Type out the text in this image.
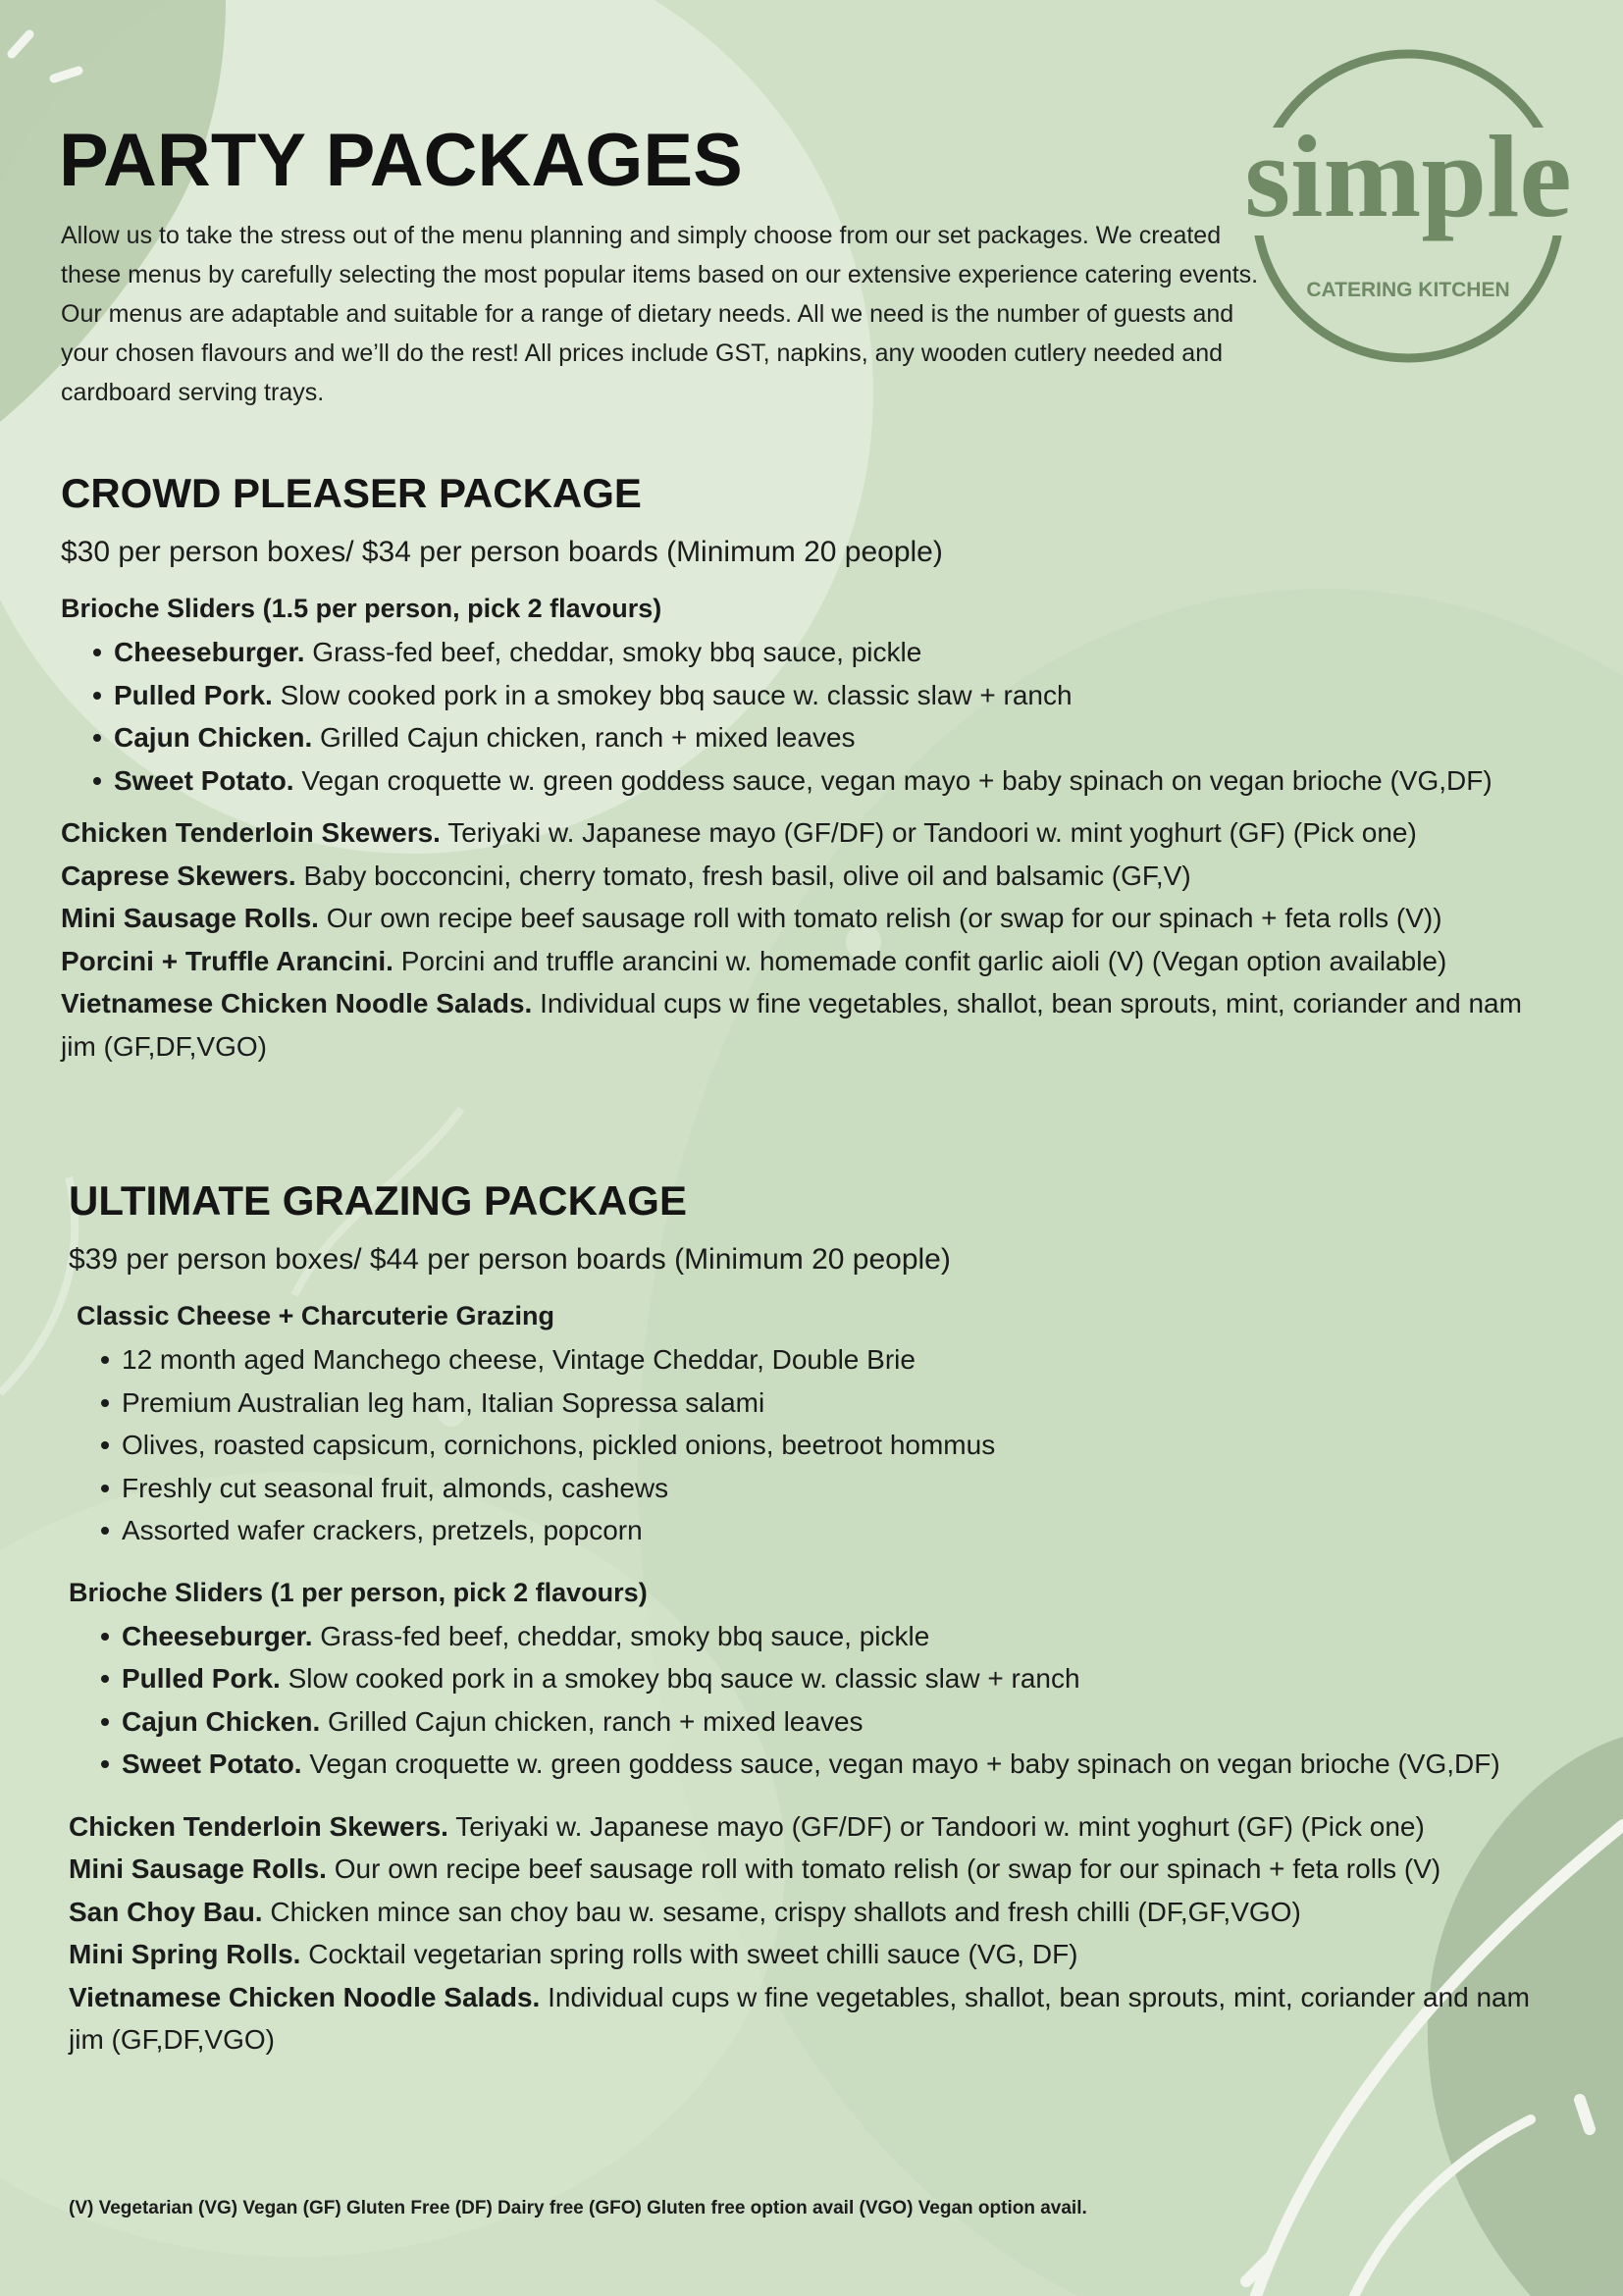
simple
CATERING KITCHEN
PARTY PACKAGES

Allow us to take the stress out of the menu planning and simply choose from our set packages. We created these menus by carefully selecting the most popular items based on our extensive experience catering events. Our menus are adaptable and suitable for a range of dietary needs. All we need is the number of guests and your chosen flavours and we’ll do the rest! All prices include GST, napkins, any wooden cutlery needed and cardboard serving trays.

CROWD PLEASER PACKAGE

$30 per person boxes/ $34 per person boards (Minimum 20 people)

Brioche Sliders (1.5 per person, pick 2 flavours)

Cheeseburger. Grass-fed beef, cheddar, smoky bbq sauce, pickle
Pulled Pork. Slow cooked pork in a smokey bbq sauce w. classic slaw + ranch
Cajun Chicken. Grilled Cajun chicken, ranch + mixed leaves
Sweet Potato. Vegan croquette w. green goddess sauce, vegan mayo + baby spinach on vegan brioche (VG,DF)

Chicken Tenderloin Skewers. Teriyaki w. Japanese mayo (GF/DF) or Tandoori w. mint yoghurt (GF) (Pick one)

Caprese Skewers. Baby bocconcini, cherry tomato, fresh basil, olive oil and balsamic (GF,V)

Mini Sausage Rolls. Our own recipe beef sausage roll with tomato relish (or swap for our spinach + feta rolls (V))

Porcini + Truffle Arancini. Porcini and truffle arancini w. homemade confit garlic aioli (V) (Vegan option available)

Vietnamese Chicken Noodle Salads. Individual cups w fine vegetables, shallot, bean sprouts, mint, coriander and nam jim (GF,DF,VGO)

ULTIMATE GRAZING PACKAGE

$39 per person boxes/ $44 per person boards (Minimum 20 people)

Classic Cheese + Charcuterie Grazing

12 month aged Manchego cheese, Vintage Cheddar, Double Brie
Premium Australian leg ham, Italian Sopressa salami
Olives, roasted capsicum, cornichons, pickled onions, beetroot hommus
Freshly cut seasonal fruit, almonds, cashews
Assorted wafer crackers, pretzels, popcorn

Brioche Sliders (1 per person, pick 2 flavours)

Cheeseburger. Grass-fed beef, cheddar, smoky bbq sauce, pickle
Pulled Pork. Slow cooked pork in a smokey bbq sauce w. classic slaw + ranch
Cajun Chicken. Grilled Cajun chicken, ranch + mixed leaves
Sweet Potato. Vegan croquette w. green goddess sauce, vegan mayo + baby spinach on vegan brioche (VG,DF)

Chicken Tenderloin Skewers. Teriyaki w. Japanese mayo (GF/DF) or Tandoori w. mint yoghurt (GF) (Pick one)

Mini Sausage Rolls. Our own recipe beef sausage roll with tomato relish (or swap for our spinach + feta rolls (V)

San Choy Bau. Chicken mince san choy bau w. sesame, crispy shallots and fresh chilli (DF,GF,VGO)

Mini Spring Rolls. Cocktail vegetarian spring rolls with sweet chilli sauce (VG, DF)

Vietnamese Chicken Noodle Salads. Individual cups w fine vegetables, shallot, bean sprouts, mint, coriander and nam jim (GF,DF,VGO)

(V) Vegetarian (VG) Vegan (GF) Gluten Free (DF) Dairy free (GFO) Gluten free option avail (VGO) Vegan option avail.
